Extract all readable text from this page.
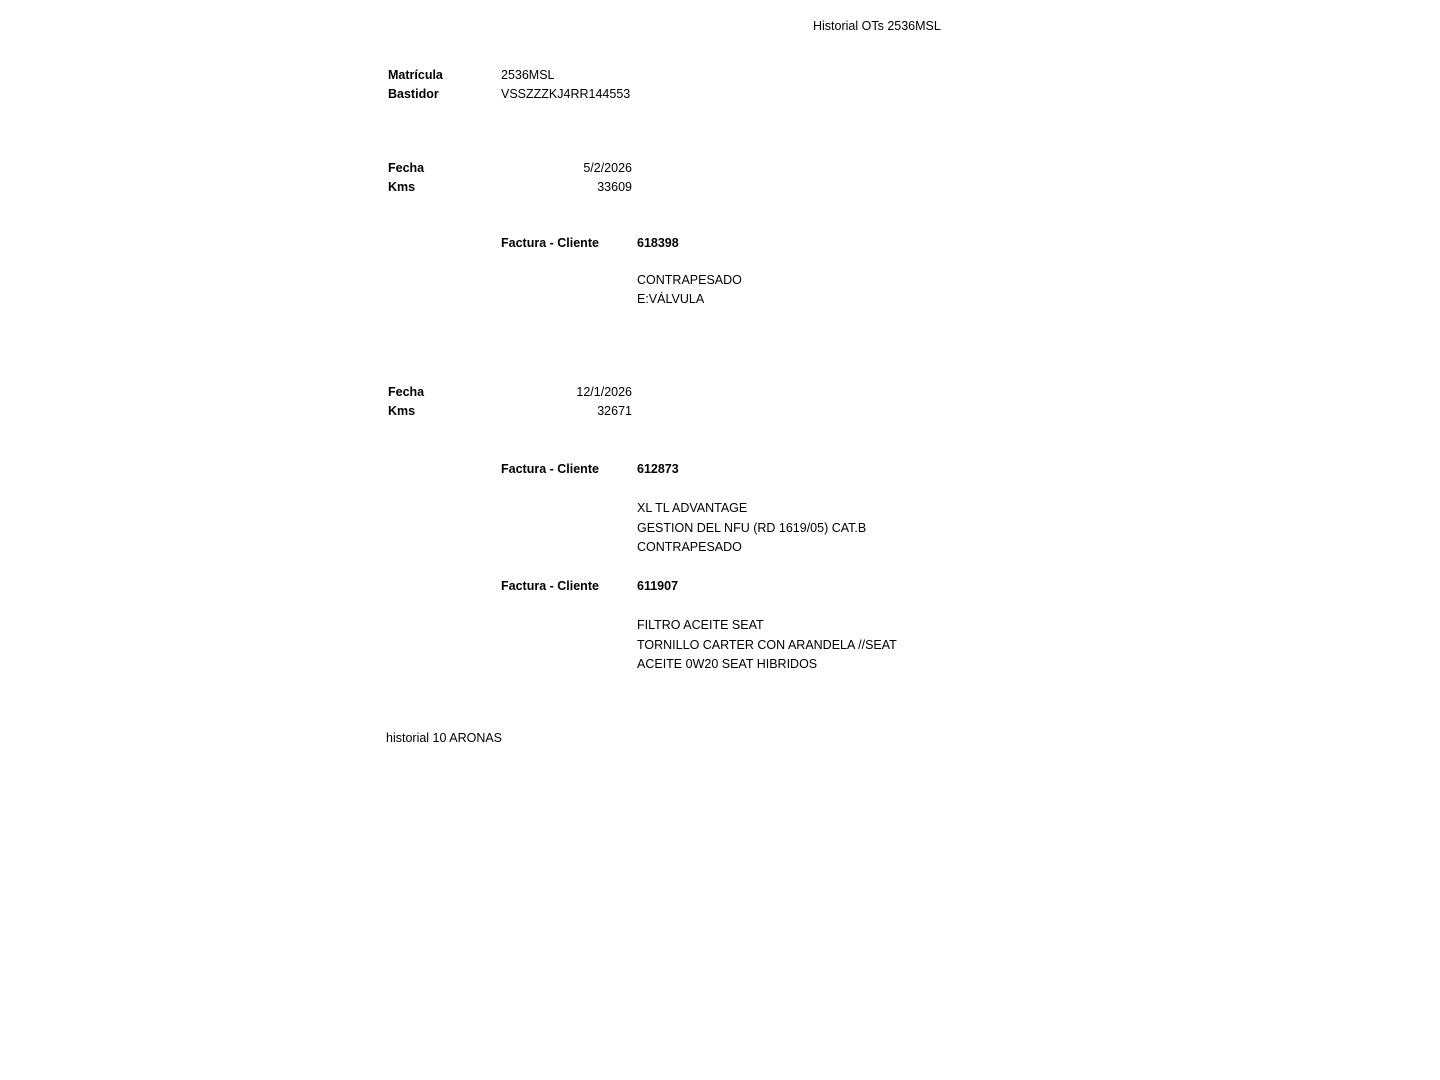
Historial OTs 2536MSL
Matrícula	2536MSL
Bastidor	VSSZZZKJ4RR144553
Fecha	5/2/2026
Kms	33609
Factura - Cliente	618398
CONTRAPESADO
E:VÁLVULA
Fecha	12/1/2026
Kms	32671
Factura - Cliente	612873
XL TL ADVANTAGE
GESTION DEL NFU (RD 1619/05) CAT.B
CONTRAPESADO
Factura - Cliente	611907
FILTRO ACEITE SEAT
TORNILLO CARTER CON ARANDELA //SEAT
ACEITE 0W20 SEAT HIBRIDOS
historial 10 ARONAS
